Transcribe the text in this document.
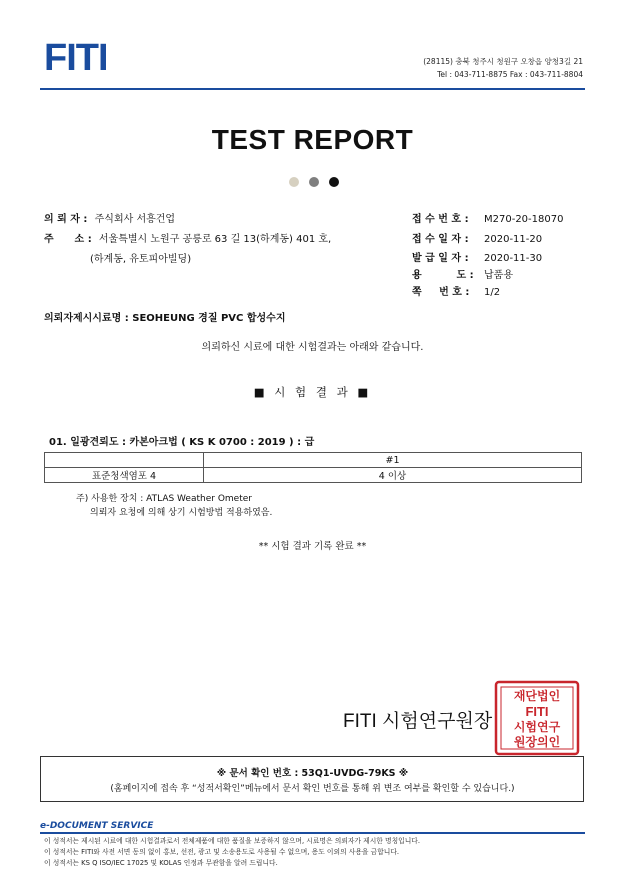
FITI	(28115) 충북 청주시 청원구 오창읍 양청3길 21
Tel : 043-711-8875 Fax : 043-711-8804
TEST REPORT
의 뢰 자 : 주식회사 서흥건업
주      소 : 서울특별시 노원구 공릉로 63 길 13(하계동) 401 호,
(하계동, 유토피아빌딩)
접 수 번 호 : M270-20-18070
접 수 일 자 : 2020-11-20
발 급 일 자 : 2020-11-30
용          도 : 납품용
쪽     번 호 : 1/2
의뢰자제시시료명 : SEOHEUNG 경질 PVC 합성수지
의뢰하신 시료에 대한 시험결과는 아래와 같습니다.
■ 시 험 결 과 ■
01. 일광견뢰도 : 카본아크법 ( KS K 0700 : 2019 ) : 급
	#1
표준청색염포 4	4 이상
주) 사용한 장치 : ATLAS Weather Ometer
의뢰자 요청에 의해 상기 시험방법 적용하였음.
** 시험 결과 기록 완료 **
재단법인
FITI
시험연구
원장의인
FITI 시험연구원장
※ 문서 확인 번호 : 53Q1-UVDG-79KS ※
(홈페이지에 접속 후 “성적서확인”메뉴에서 문서 확인 번호를 통해 위 변조 여부를 확인할 수 있습니다.)
e-DOCUMENT SERVICE
이 성적서는 제시된 시료에 대한 시험결과로서 전체제품에 대한 품질을 보증하지 않으며, 시료명은 의뢰자가 제시한 명칭입니다.
이 성적서는 FITI와 사전 서면 동의 없이 홍보, 선전, 광고 및 소송용도로 사용될 수 없으며, 용도 이외의 사용을 금합니다.
이 성적서는 KS Q ISO/IEC 17025 및 KOLAS 인정과 무관함을 알려 드립니다.
